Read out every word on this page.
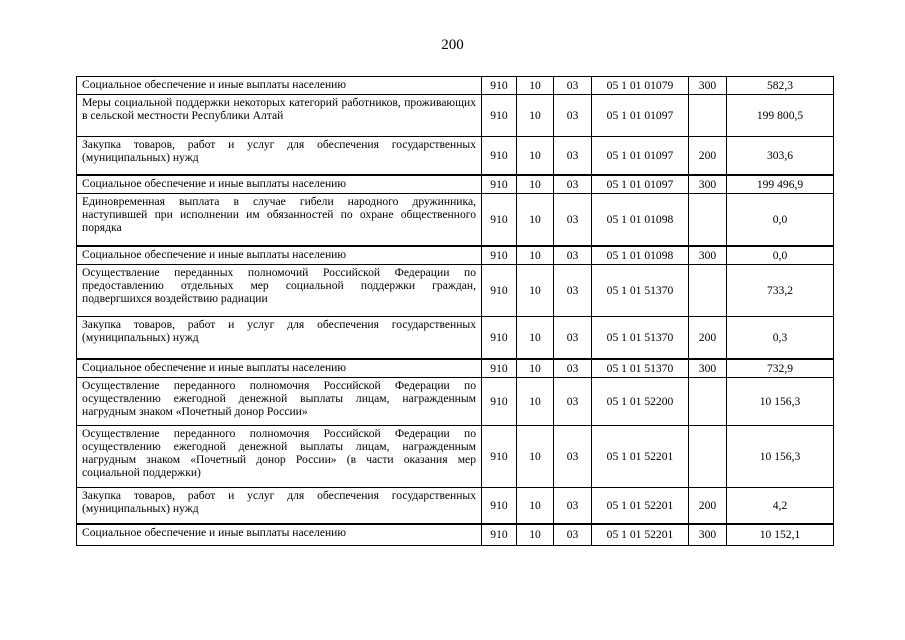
200
Социальное обеспечение и иные выплаты населению	910	10	03	05 1 01 01079	300	582,3
Меры социальной поддержки некоторых категорий работников, проживающих в сельской местности Республики Алтай	910	10	03	05 1 01 01097		199 800,5
Закупка товаров, работ и услуг для обеспечения государственных (муниципальных) нужд	910	10	03	05 1 01 01097	200	303,6
Социальное обеспечение и иные выплаты населению	910	10	03	05 1 01 01097	300	199 496,9
Единовременная выплата в случае гибели народного дружинника, наступившей при исполнении им обязанностей по охране общественного порядка	910	10	03	05 1 01 01098		0,0
Социальное обеспечение и иные выплаты населению	910	10	03	05 1 01 01098	300	0,0
Осуществление переданных полномочий Российской Федерации по предоставлению отдельных мер социальной поддержки граждан, подвергшихся воздействию радиации	910	10	03	05 1 01 51370		733,2
Закупка товаров, работ и услуг для обеспечения государственных (муниципальных) нужд	910	10	03	05 1 01 51370	200	0,3
Социальное обеспечение и иные выплаты населению	910	10	03	05 1 01 51370	300	732,9
Осуществление переданного полномочия Российской Федерации по осуществлению ежегодной денежной выплаты лицам, награжденным нагрудным знаком «Почетный донор России»	910	10	03	05 1 01 52200		10 156,3
Осуществление переданного полномочия Российской Федерации по осуществлению ежегодной денежной выплаты лицам, награжденным нагрудным знаком «Почетный донор России» (в части оказания мер социальной поддержки)	910	10	03	05 1 01 52201		10 156,3
Закупка товаров, работ и услуг для обеспечения государственных (муниципальных) нужд	910	10	03	05 1 01 52201	200	4,2
Социальное обеспечение и иные выплаты населению	910	10	03	05 1 01 52201	300	10 152,1
